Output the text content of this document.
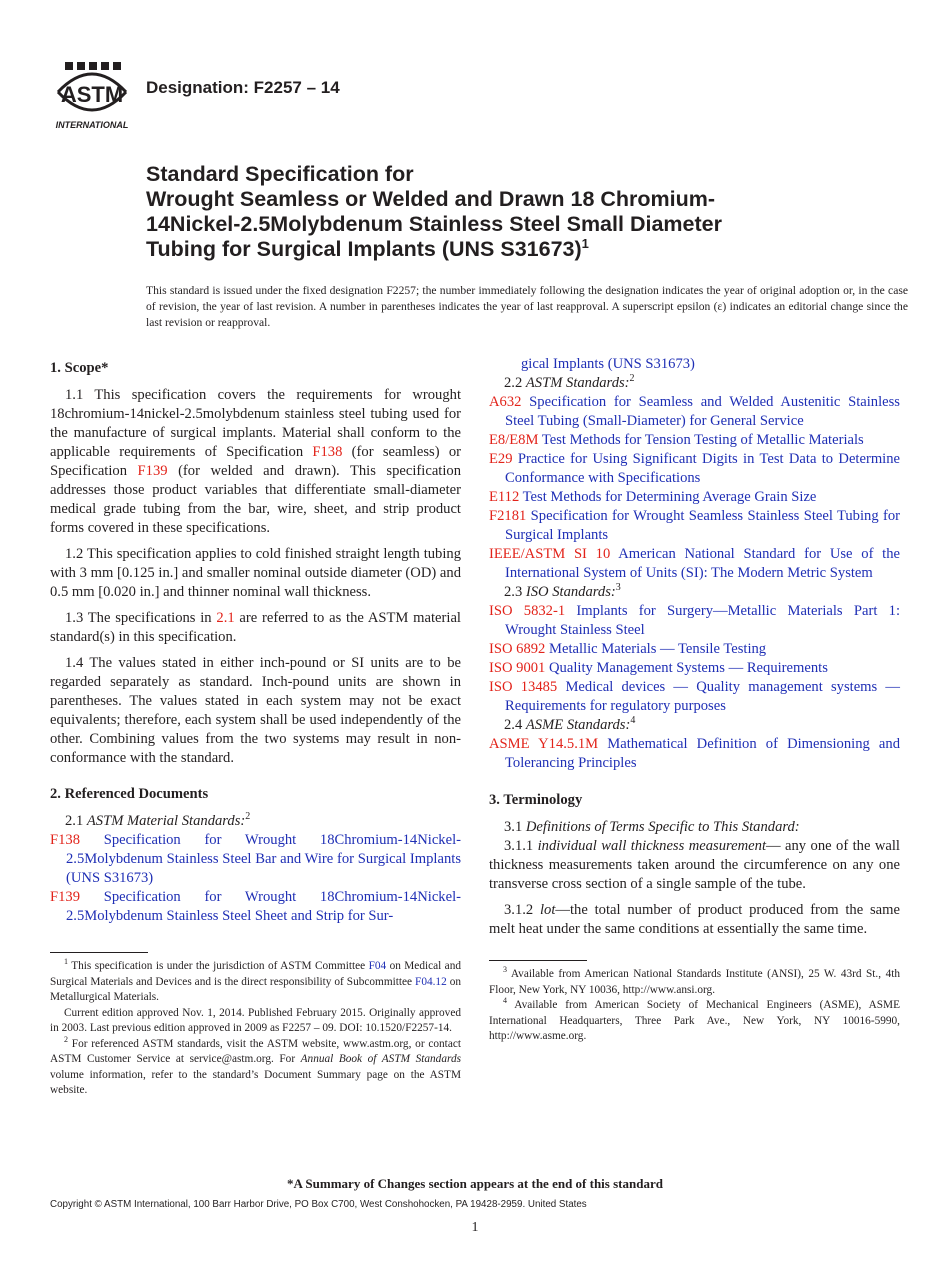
ASTM
INTERNATIONAL
Designation: F2257 – 14
Standard Specification for
Wrought Seamless or Welded and Drawn 18 Chromium-
14Nickel-2.5Molybdenum Stainless Steel Small Diameter
Tubing for Surgical Implants (UNS S31673)$^1$
This standard is issued under the fixed designation F2257; the number immediately following the designation indicates the year of original adoption or, in the case of revision, the year of last revision. A number in parentheses indicates the year of last reapproval. A superscript epsilon (ε) indicates an editorial change since the last revision or reapproval.
1. Scope*

1.1 This specification covers the requirements for wrought 18chromium-14nickel-2.5molybdenum stainless steel tubing used for the manufacture of surgical implants. Material shall conform to the applicable requirements of Specification F138 (for seamless) or Specification F139 (for welded and drawn). This specification addresses those product variables that differentiate small-diameter medical grade tubing from the bar, wire, sheet, and strip product forms covered in these specifications.

1.2 This specification applies to cold finished straight length tubing with 3 mm [0.125 in.] and smaller nominal outside diameter (OD) and 0.5 mm [0.020 in.] and thinner nominal wall thickness.

1.3 The specifications in 2.1 are referred to as the ASTM material standard(s) in this specification.

1.4 The values stated in either inch-pound or SI units are to be regarded separately as standard. Inch-pound units are shown in parentheses. The values stated in each system may not be exact equivalents; therefore, each system shall be used independently of the other. Combining values from the two systems may result in non-conformance with the standard.

2. Referenced Documents

2.1 ASTM Material Standards:$^2$

F138 Specification for Wrought 18Chromium-14Nickel-2.5Molybdenum Stainless Steel Bar and Wire for Surgical Implants (UNS S31673)

F139 Specification for Wrought 18Chromium-14Nickel-2.5Molybdenum Stainless Steel Sheet and Strip for Sur-

$^1$ This specification is under the jurisdiction of ASTM Committee F04 on Medical and Surgical Materials and Devices and is the direct responsibility of Subcommittee F04.12 on Metallurgical Materials.

Current edition approved Nov. 1, 2014. Published February 2015. Originally approved in 2003. Last previous edition approved in 2009 as F2257 – 09. DOI: 10.1520/F2257-14.

$^2$ For referenced ASTM standards, visit the ASTM website, www.astm.org, or contact ASTM Customer Service at service@astm.org. For Annual Book of ASTM Standards volume information, refer to the standard’s Document Summary page on the ASTM website.

gical Implants (UNS S31673)

2.2 ASTM Standards:$^2$

A632 Specification for Seamless and Welded Austenitic Stainless Steel Tubing (Small-Diameter) for General Service

E8/E8M Test Methods for Tension Testing of Metallic Materials

E29 Practice for Using Significant Digits in Test Data to Determine Conformance with Specifications

E112 Test Methods for Determining Average Grain Size

F2181 Specification for Wrought Seamless Stainless Steel Tubing for Surgical Implants

IEEE/ASTM SI 10 American National Standard for Use of the International System of Units (SI): The Modern Metric System

2.3 ISO Standards:$^3$

ISO 5832-1 Implants for Surgery—Metallic Materials Part 1: Wrought Stainless Steel

ISO 6892 Metallic Materials — Tensile Testing

ISO 9001 Quality Management Systems — Requirements

ISO 13485 Medical devices — Quality management systems — Requirements for regulatory purposes

2.4 ASME Standards:$^4$

ASME Y14.5.1M Mathematical Definition of Dimensioning and Tolerancing Principles

3. Terminology

3.1 Definitions of Terms Specific to This Standard:

3.1.1 individual wall thickness measurement— any one of the wall thickness measurements taken around the circumference on any one transverse cross section of a single sample of the tube.

3.1.2 lot—the total number of product produced from the same melt heat under the same conditions at essentially the same time.

$^3$ Available from American National Standards Institute (ANSI), 25 W. 43rd St., 4th Floor, New York, NY 10036, http://www.ansi.org.

$^4$ Available from American Society of Mechanical Engineers (ASME), ASME International Headquarters, Three Park Ave., New York, NY 10016-5990, http://www.asme.org.

*A Summary of Changes section appears at the end of this standard
Copyright © ASTM International, 100 Barr Harbor Drive, PO Box C700, West Conshohocken, PA 19428-2959. United States
1
